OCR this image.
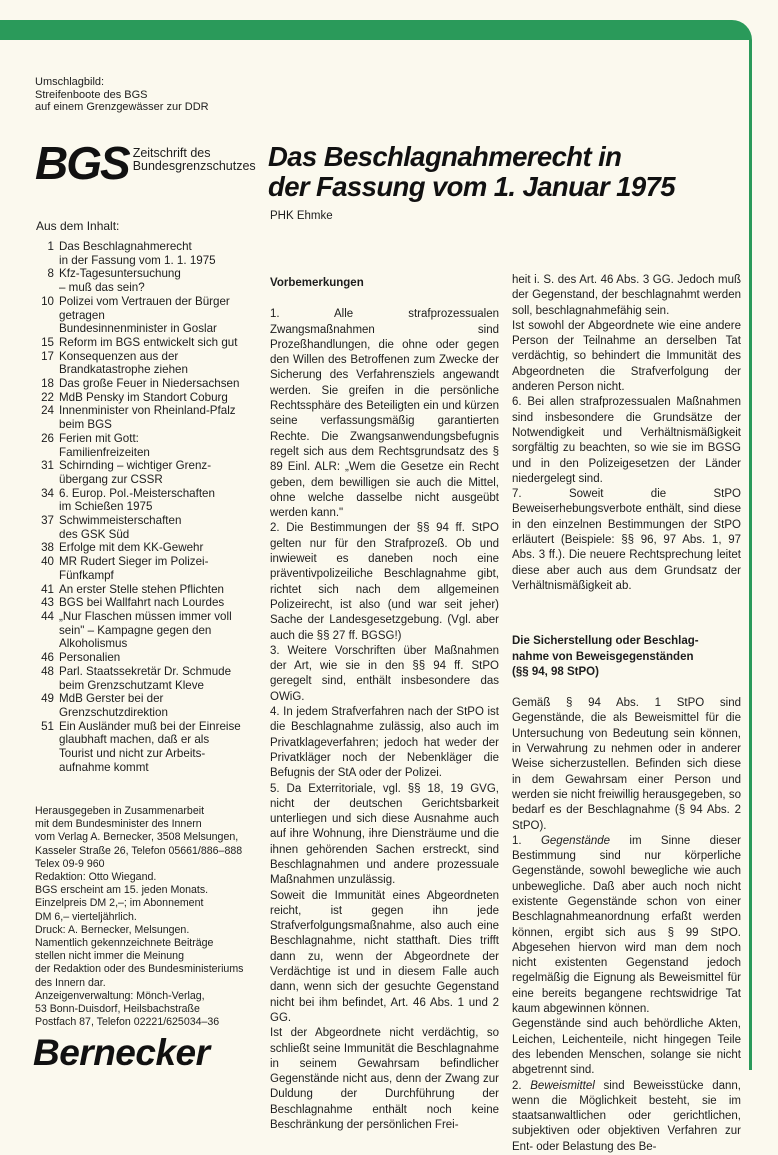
Umschlagbild:
Streifenboote des BGS
auf einem Grenzgewässer zur DDR
BGS Zeitschrift des
Bundesgrenzschutzes
Aus dem Inhalt:
1 Das Beschlagnahmerecht
in der Fassung vom 1. 1. 1975
8 Kfz-Tagesuntersuchung
– muß das sein?
10 Polizei vom Vertrauen der Bürger
getragen
Bundesinnenminister in Goslar
15 Reform im BGS entwickelt sich gut
17 Konsequenzen aus der
Brandkatastrophe ziehen
18 Das große Feuer in Niedersachsen
22 MdB Pensky im Standort Coburg
24 Innenminister von Rheinland-Pfalz
beim BGS
26 Ferien mit Gott:
Familienfreizeiten
31 Schirnding – wichtiger Grenz-
übergang zur CSSR
34 6. Europ. Pol.-Meisterschaften
im Schießen 1975
37 Schwimmeisterschaften
des GSK Süd
38 Erfolge mit dem KK-Gewehr
40 MR Rudert Sieger im Polizei-
Fünfkampf
41 An erster Stelle stehen Pflichten
43 BGS bei Wallfahrt nach Lourdes
44 „Nur Flaschen müssen immer voll
sein" – Kampagne gegen den
Alkoholismus
46 Personalien
48 Parl. Staatssekretär Dr. Schmude
beim Grenzschutzamt Kleve
49 MdB Gerster bei der
Grenzschutzdirektion
51 Ein Ausländer muß bei der Einreise
glaubhaft machen, daß er als
Tourist und nicht zur Arbeits-
aufnahme kommt
Herausgegeben in Zusammenarbeit
mit dem Bundesminister des Innern
vom Verlag A. Bernecker, 3508 Melsungen,
Kasseler Straße 26, Telefon 05661/886–888
Telex 09-9 960
Redaktion: Otto Wiegand.
BGS erscheint am 15. jeden Monats.
Einzelpreis DM 2,–; im Abonnement
DM 6,– vierteljährlich.
Druck: A. Bernecker, Melsungen.
Namentlich gekennzeichnete Beiträge
stellen nicht immer die Meinung
der Redaktion oder des Bundesministeriums
des Innern dar.
Anzeigenverwaltung: Mönch-Verlag,
53 Bonn-Duisdorf, Heilsbachstraße
Postfach 87, Telefon 02221/625034–36
Bernecker
Das Beschlagnahmerecht in
der Fassung vom 1. Januar 1975
PHK Ehmke
Vorbemerkungen

1. Alle strafprozessualen Zwangsmaßnahmen sind Prozeßhandlungen, die ohne oder gegen den Willen des Betroffenen zum Zwecke der Sicherung des Verfahrensziels angewandt werden. Sie greifen in die persönliche Rechtssphäre des Beteiligten ein und kürzen seine verfassungsmäßig garantierten Rechte. Die Zwangsanwendungsbefugnis regelt sich aus dem Rechtsgrundsatz des § 89 Einl. ALR: „Wem die Gesetze ein Recht geben, dem bewilligen sie auch die Mittel, ohne welche dasselbe nicht ausgeübt werden kann."

2. Die Bestimmungen der §§ 94 ff. StPO gelten nur für den Strafprozeß. Ob und inwieweit es daneben noch eine präventivpolizeiliche Beschlagnahme gibt, richtet sich nach dem allgemeinen Polizeirecht, ist also (und war seit jeher) Sache der Landesgesetzgebung. (Vgl. aber auch die §§ 27 ff. BGSG!)

3. Weitere Vorschriften über Maßnahmen der Art, wie sie in den §§ 94 ff. StPO geregelt sind, enthält insbesondere das OWiG.

4. In jedem Strafverfahren nach der StPO ist die Beschlagnahme zulässig, also auch im Privatklageverfahren; jedoch hat weder der Privatkläger noch der Nebenkläger die Befugnis der StA oder der Polizei.

5. Da Exterritoriale, vgl. §§ 18, 19 GVG, nicht der deutschen Gerichtsbarkeit unterliegen und sich diese Ausnahme auch auf ihre Wohnung, ihre Diensträume und die ihnen gehörenden Sachen erstreckt, sind Beschlagnahmen und andere prozessuale Maßnahmen unzulässig.

Soweit die Immunität eines Abgeordneten reicht, ist gegen ihn jede Strafverfolgungsmaßnahme, also auch eine Beschlagnahme, nicht statthaft. Dies trifft dann zu, wenn der Abgeordnete der Verdächtige ist und in diesem Falle auch dann, wenn sich der gesuchte Gegenstand nicht bei ihm befindet, Art. 46 Abs. 1 und 2 GG.

Ist der Abgeordnete nicht verdächtig, so schließt seine Immunität die Beschlagnahme in seinem Gewahrsam befindlicher Gegenstände nicht aus, denn der Zwang zur Duldung der Durchführung der Beschlagnahme enthält noch keine Beschränkung der persönlichen Frei-

heit i. S. des Art. 46 Abs. 3 GG. Jedoch muß der Gegenstand, der beschlagnahmt werden soll, beschlagnahmefähig sein.

Ist sowohl der Abgeordnete wie eine andere Person der Teilnahme an derselben Tat verdächtig, so behindert die Immunität des Abgeordneten die Strafverfolgung der anderen Person nicht.

6. Bei allen strafprozessualen Maßnahmen sind insbesondere die Grundsätze der Notwendigkeit und Verhältnismäßigkeit sorgfältig zu beachten, so wie sie im BGSG und in den Polizeigesetzen der Länder niedergelegt sind.

7. Soweit die StPO Beweiserhebungsverbote enthält, sind diese in den einzelnen Bestimmungen der StPO erläutert (Beispiele: §§ 96, 97 Abs. 1, 97 Abs. 3 ff.). Die neuere Rechtsprechung leitet diese aber auch aus dem Grundsatz der Verhältnismäßigkeit ab.

Die Sicherstellung oder Beschlag-
nahme von Beweisgegenständen
(§§ 94, 98 StPO)

Gemäß § 94 Abs. 1 StPO sind Gegenstände, die als Beweismittel für die Untersuchung von Bedeutung sein können, in Verwahrung zu nehmen oder in anderer Weise sicherzustellen. Befinden sich diese in dem Gewahrsam einer Person und werden sie nicht freiwillig herausgegeben, so bedarf es der Beschlagnahme (§ 94 Abs. 2 StPO).

1. Gegenstände im Sinne dieser Bestimmung sind nur körperliche Gegenstände, sowohl bewegliche wie auch unbewegliche. Daß aber auch noch nicht existente Gegenstände schon von einer Beschlagnahmeanordnung erfaßt werden können, ergibt sich aus § 99 StPO. Abgesehen hiervon wird man dem noch nicht existenten Gegenstand jedoch regelmäßig die Eignung als Beweismittel für eine bereits begangene rechtswidrige Tat kaum abgewinnen können.

Gegenstände sind auch behördliche Akten, Leichen, Leichenteile, nicht hingegen Teile des lebenden Menschen, solange sie nicht abgetrennt sind.

2. Beweismittel sind Beweisstücke dann, wenn die Möglichkeit besteht, sie im staatsanwaltlichen oder gerichtlichen, subjektiven oder objektiven Verfahren zur Ent- oder Belastung des Be-
